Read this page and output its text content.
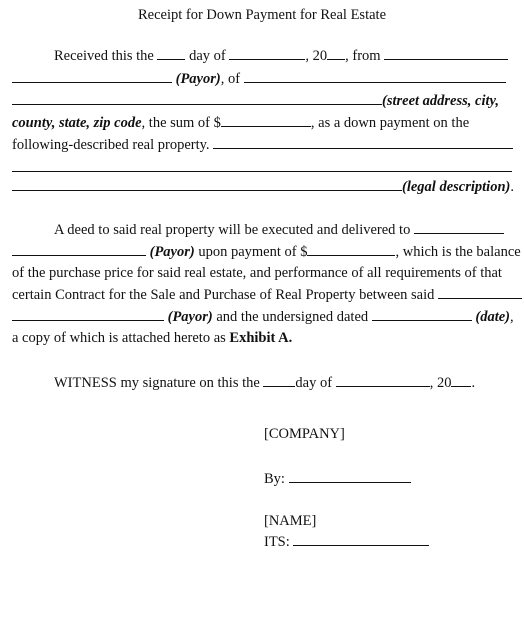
Receipt for Down Payment for Real Estate
Received this the day of	, 20 , from
(Payor), of
(street address, city,
county, state, zip code, the sum of $	, as a down payment on the
following-described real property.
(legal description).
A deed to said real property will be executed and delivered to
(Payor) upon payment of $	, which is the balance
of the purchase price for said real estate, and performance of all requirements of that
certain Contract for the Sale and Purchase of Real Property between said
(Payor) and the undersigned dated	(date),
a copy of which is attached hereto as Exhibit A.
WITNESS my signature on this the day of	, 20 .
[COMPANY]
By:
[NAME]
ITS:
